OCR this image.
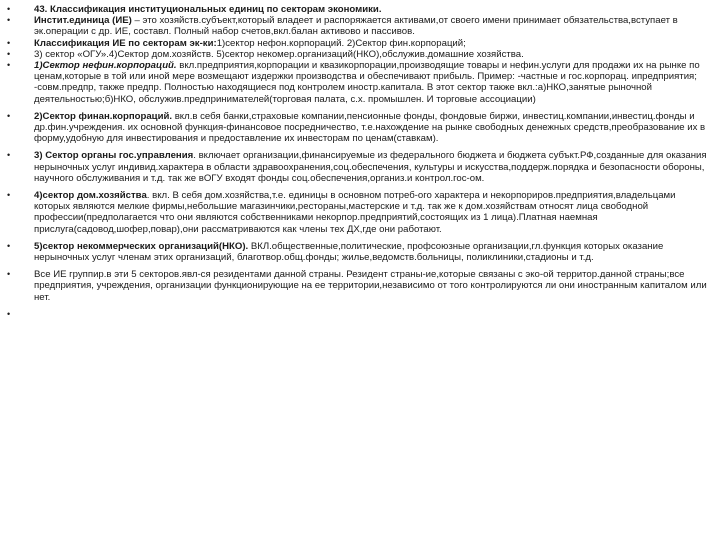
• 43. Классификация институциональных единиц по секторам экономики.
• Инстит.единица (ИЕ) – это хозяйств.субъект,который владеет и распоряжается активами,от своего имени принимает обязательства,вступает в эк.операции с др. ИЕ, составл. Полный набор счетов,вкл.балан активово и пассивов.
• Классификация ИЕ по секторам эк-ки:1)сектор нефон.корпораций. 2)Сектор фин.корпораций;
• 3) сектор «ОГУ».4)Сектор дом.хозяйств. 5)сектор некомер.организаций(НКО),обслужив.домашние хозяйства.
• 1)Сектор нефин.корпораций. вкл.предприятия,корпорации и квазикорпорации,производящие товары и нефин.услуги для продажи их на рынке по ценам,которые в той или иной мере возмещают издержки производства и обеспечивают прибыль. Пример: -частные и гос.корпорац. ипредприятия; -совм.предпр, также предпр. Полностью находящиеся под контролем иностр.капитала. В этот сектор также вкл.:а)НКО,занятые рыночной деятельностью;б)НКО, обслужив.предпринимателей(торговая палата, с.х. промышлен. И торговые ассоциации)
• 2)Сектор финан.корпораций. вкл.в себя банки,страховые компании,пенсионные фонды, фондовые биржи, инвестиц.компании,инвестиц.фонды и др.фин.учреждения. их основной функция-финансовое посредничество, т.е.нахождение на рынке свободных денежных средств,преобразование их в форму,удобную для инвестирования и предоставление их инвесторам по ценам(ставкам).
• 3) Сектор органы гос.управления. включает организации,финансируемые из федерального бюджета и бюджета субъкт.РФ,созданные для оказания нерыночных услуг индивид.характера в области здравоохранения,соц.обеспечения, культуры и искусства,поддерж.порядка и безопасности обороны, научного обслуживания и т.д. так же вОГУ входят фонды соц.обеспечения,организ.и контрол.гос-ом.
• 4)сектор дом.хозяйства. вкл. В себя дом.хозяйства,т.е. единицы в основном потреб-ого характера и некорпориров.предприятия,владельцами которых являются мелкие фирмы,небольшие магазинчики,рестораны,мастерские и т.д. так же к дом.хозяйствам относят лица свободной профессии(предполагается что они являются собственниками некорпор.предприятий,состоящих из 1 лица).Платная наемная прислуга(садовод,шофер,повар),они рассматриваются как члены тех ДХ,где они работают.
• 5)сектор некоммерческих организаций(НКО). ВКЛ.общественные,политические, профсоюзные организации,гл.функция которых оказание нерыночных услуг членам этих организаций, благотвор.общ.фонды; жилье,ведомств.больницы, поликлиники,стадионы и т.д.
• Все ИЕ группир.в эти 5 секторов.явл-ся резидентами данной страны. Резидент страны-ие,которые связаны с эко-ой территор.данной страны;все предприятия, учреждения, организации функционирующие на ее территории,независимо от того контролируются ли они иностранным капиталом или нет.
•
